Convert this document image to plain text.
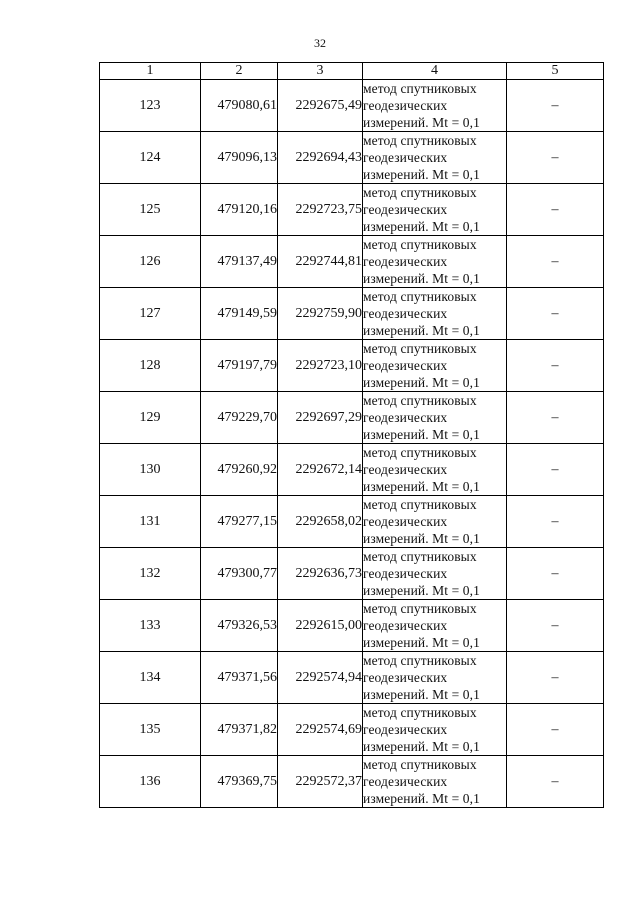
32
1	2	3	4	5
123	479080,61	2292675,49	метод спутниковых
геодезических
измерений. Mt = 0,1	–
124	479096,13	2292694,43	метод спутниковых
геодезических
измерений. Mt = 0,1	–
125	479120,16	2292723,75	метод спутниковых
геодезических
измерений. Mt = 0,1	–
126	479137,49	2292744,81	метод спутниковых
геодезических
измерений. Mt = 0,1	–
127	479149,59	2292759,90	метод спутниковых
геодезических
измерений. Mt = 0,1	–
128	479197,79	2292723,10	метод спутниковых
геодезических
измерений. Mt = 0,1	–
129	479229,70	2292697,29	метод спутниковых
геодезических
измерений. Mt = 0,1	–
130	479260,92	2292672,14	метод спутниковых
геодезических
измерений. Mt = 0,1	–
131	479277,15	2292658,02	метод спутниковых
геодезических
измерений. Mt = 0,1	–
132	479300,77	2292636,73	метод спутниковых
геодезических
измерений. Mt = 0,1	–
133	479326,53	2292615,00	метод спутниковых
геодезических
измерений. Mt = 0,1	–
134	479371,56	2292574,94	метод спутниковых
геодезических
измерений. Mt = 0,1	–
135	479371,82	2292574,69	метод спутниковых
геодезических
измерений. Mt = 0,1	–
136	479369,75	2292572,37	метод спутниковых
геодезических
измерений. Mt = 0,1	–
